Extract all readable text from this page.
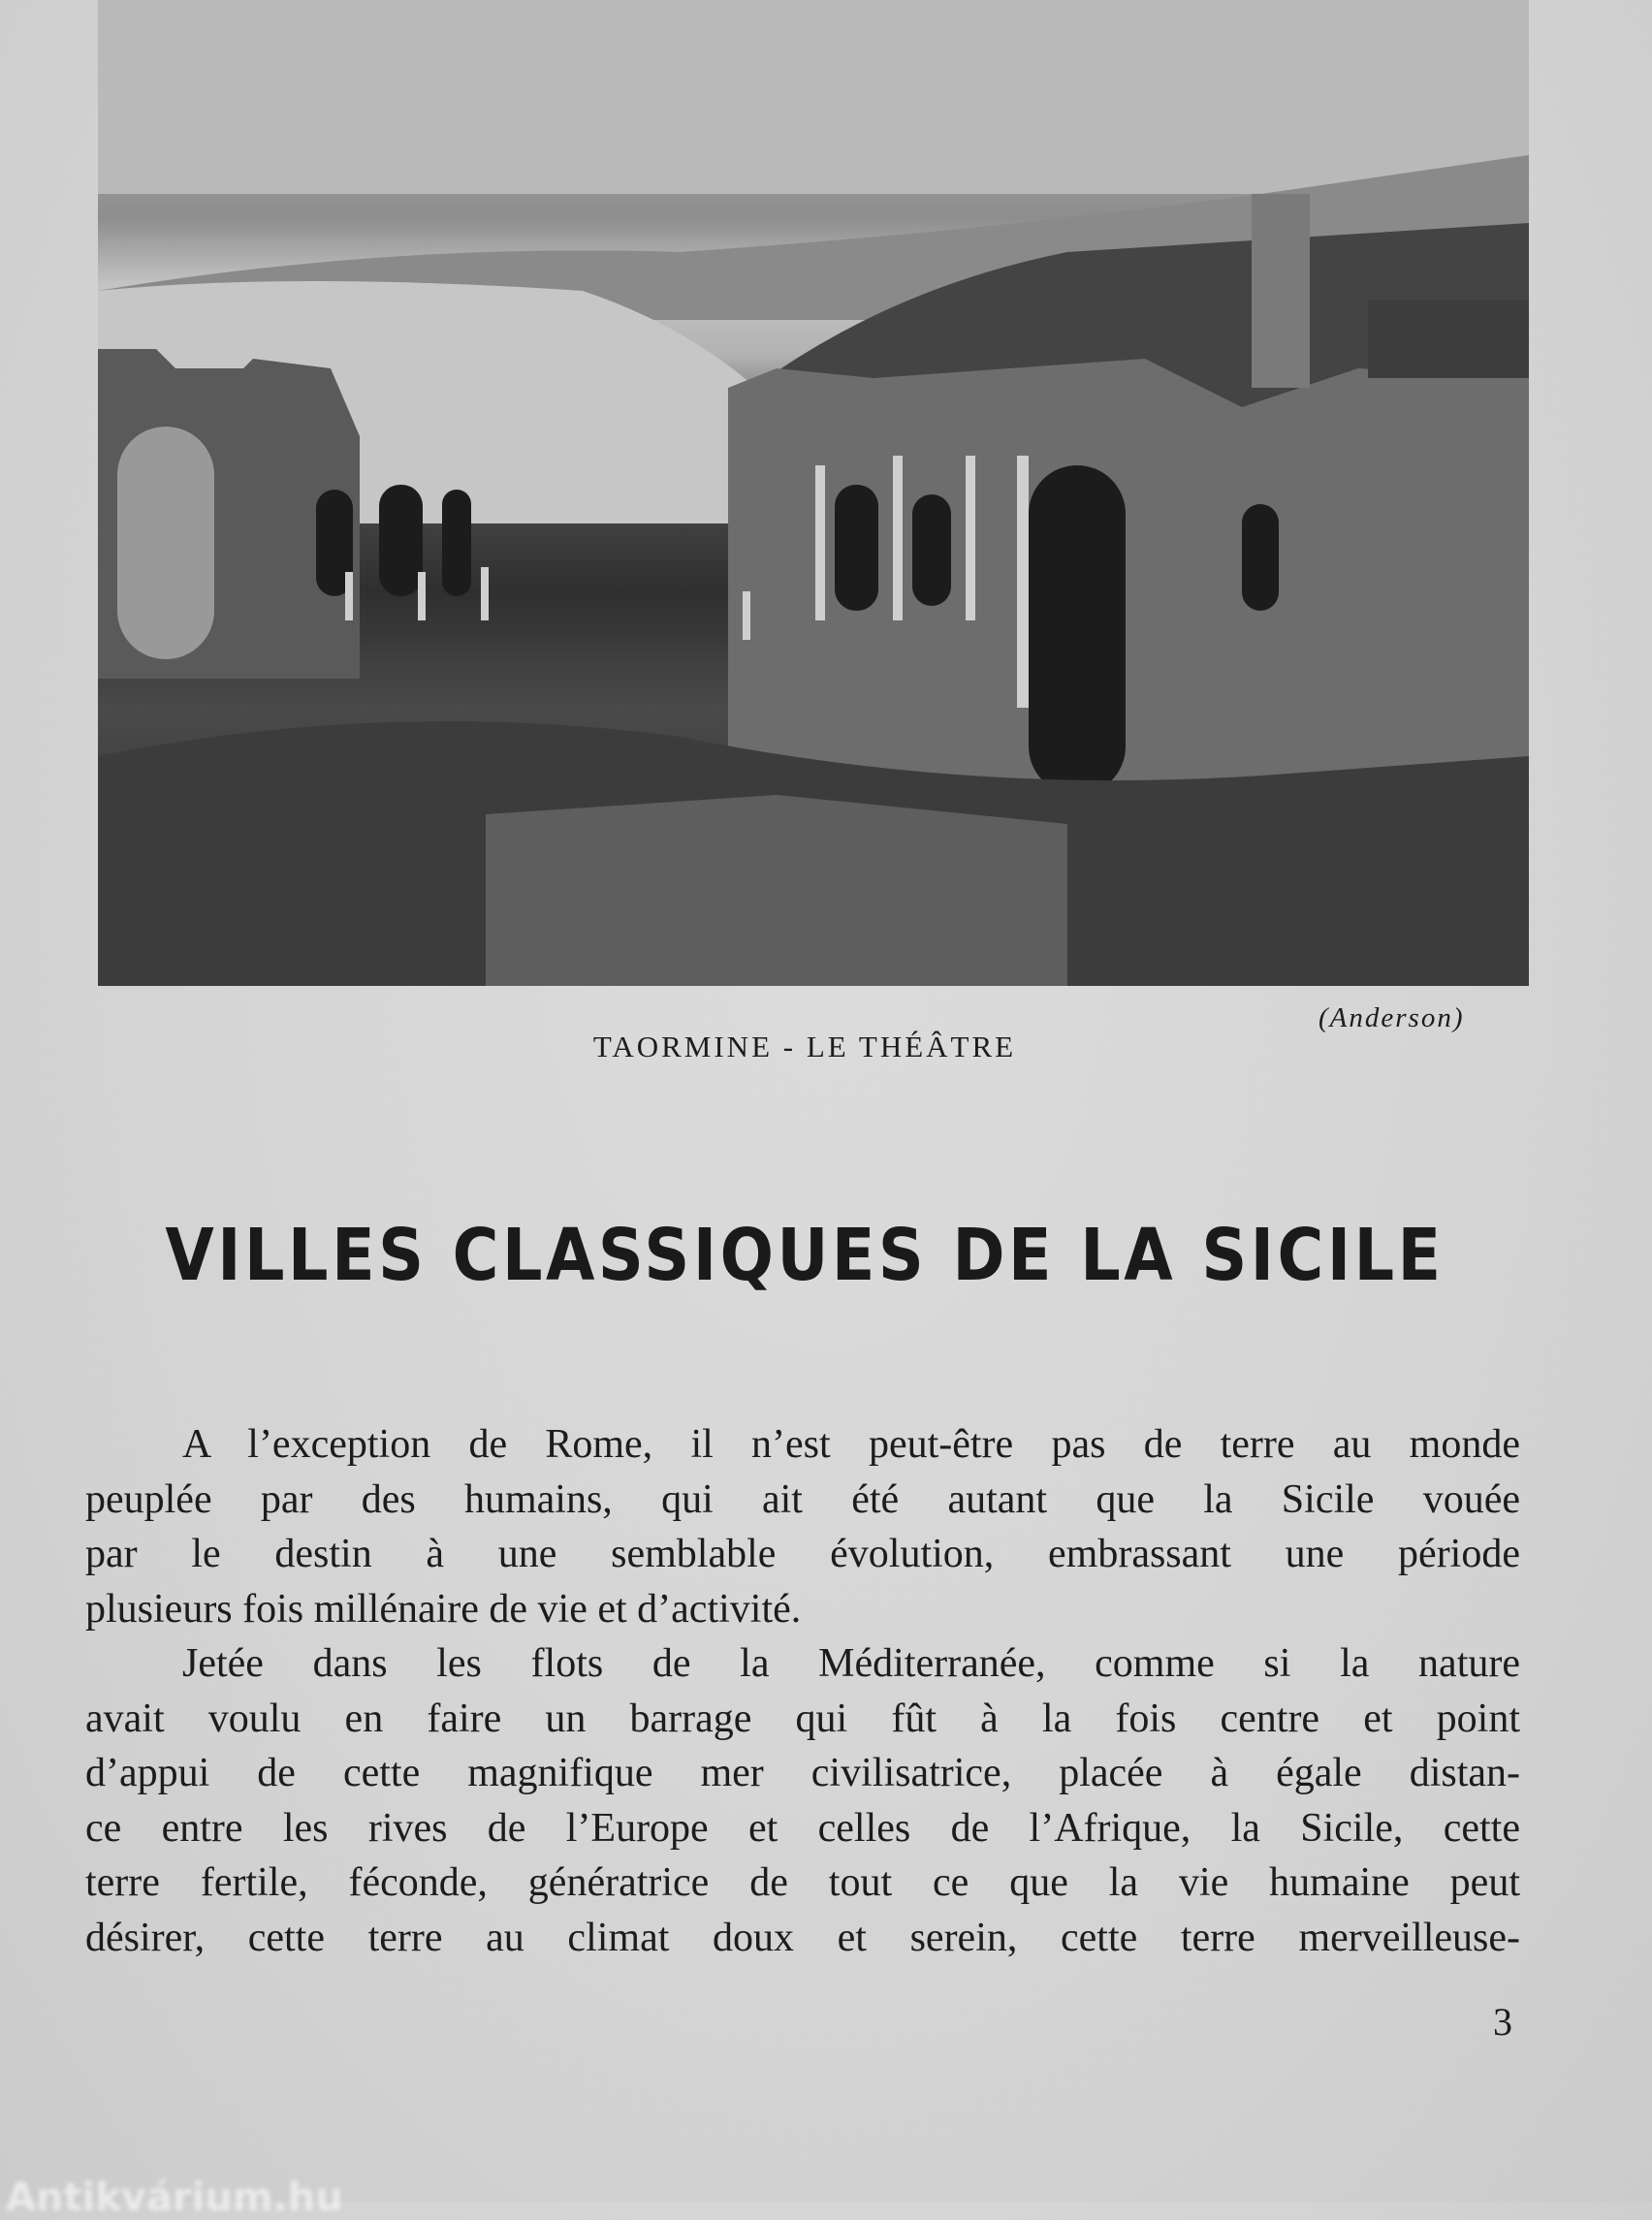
(Anderson)
TAORMINE - LE THÉÂTRE
VILLES CLASSIQUES DE LA SICILE

A l’exception de Rome, il n’est peut-être pas de terre au monde
peuplée par des humains, qui ait été autant que la Sicile vouée
par le destin à une semblable évolution, embrassant une période
plusieurs fois millénaire de vie et d’activité.

Jetée dans les flots de la Méditerranée, comme si la nature
avait voulu en faire un barrage qui fût à la fois centre et point
d’appui de cette magnifique mer civilisatrice, placée à égale distan-
ce entre les rives de l’Europe et celles de l’Afrique, la Sicile, cette
terre fertile, féconde, génératrice de tout ce que la vie humaine peut
désirer, cette terre au climat doux et serein, cette terre merveilleuse-

3
Antikvárium.hu
